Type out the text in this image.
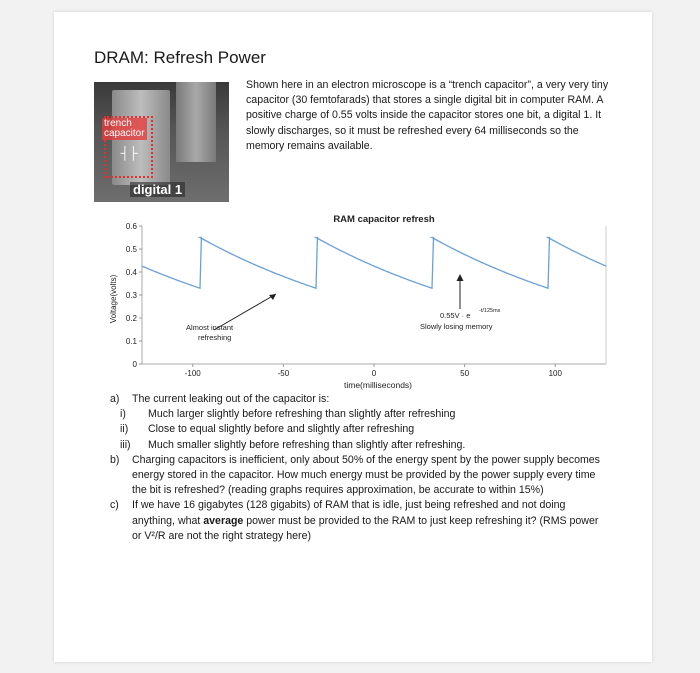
DRAM: Refresh Power
trench
capacitor
┤├
digital 1
Shown here in an electron microscope is a “trench capacitor”, a very very tiny capacitor (30 femtofarads) that stores a single digital bit in computer RAM. A positive charge of 0.55 volts inside the capacitor stores one bit, a digital 1. It slowly discharges, so it must be refreshed every 64 milliseconds so the memory remains available.
RAM capacitor refresh
-100	-50	0	50	100
0
0.1
0.2
0.3
0.4
0.5
0.6
time(milliseconds)
Voltage(volts)
Almost instant
refreshing
0.55V · e -t/125ms
Slowly losing memory

a) The current leaking out of the capacitor is:

i) Much larger slightly before refreshing than slightly after refreshing

ii) Close to equal slightly before and slightly after refreshing

iii) Much smaller slightly before refreshing than slightly after refreshing.

b) Charging capacitors is inefficient, only about 50% of the energy spent by the power supply becomes energy stored in the capacitor. How much energy must be provided by the power supply every time the bit is refreshed? (reading graphs requires approximation, be accurate to within 15%)

c) If we have 16 gigabytes (128 gigabits) of RAM that is idle, just being refreshed and not doing anything, what average power must be provided to the RAM to just keep refreshing it? (RMS power or V²/R are not the right strategy here)
